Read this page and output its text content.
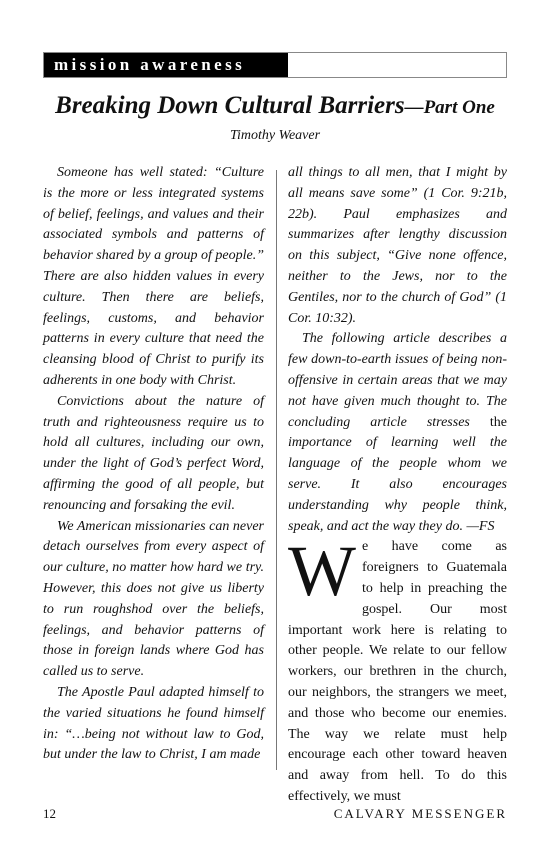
mission awareness
Breaking Down Cultural Barriers—Part One
Timothy Weaver

Someone has well stated: “Culture is the more or less integrated systems of belief, feelings, and values and their associated symbols and patterns of behavior shared by a group of people.” There are also hidden values in every culture. Then there are beliefs, feelings, customs, and behavior patterns in every culture that need the cleansing blood of Christ to purify its adherents in one body with Christ.

Convictions about the nature of truth and righteousness require us to hold all cultures, including our own, under the light of God’s perfect Word, affirming the good of all people, but renouncing and forsaking the evil.

We American missionaries can never detach ourselves from every aspect of our culture, no matter how hard we try. However, this does not give us liberty to run roughshod over the beliefs, feelings, and behavior patterns of those in foreign lands where God has called us to serve.

The Apostle Paul adapted himself to the varied situations he found himself in: “…being not without law to God, but under the law to Christ, I am made

all things to all men, that I might by all means save some” (1 Cor. 9:21b, 22b). Paul emphasizes and summarizes after lengthy discussion on this subject, “Give none offence, neither to the Jews, nor to the Gentiles, nor to the church of God” (1 Cor. 10:32).

The following article describes a few down-to-earth issues of being non-offensive in certain areas that we may not have given much thought to. The concluding article stresses the importance of learning well the language of the people whom we serve. It also encourages understanding why people think, speak, and act the way they do. —FS

We have come as foreigners to Guatemala to help in preaching the gospel. Our most important work here is relating to other people. We relate to our fellow workers, our brethren in the church, our neighbors, the strangers we meet, and those who become our enemies. The way we relate must help encourage each other toward heaven and away from hell. To do this effectively, we must

12	CALVARY MESSENGER
